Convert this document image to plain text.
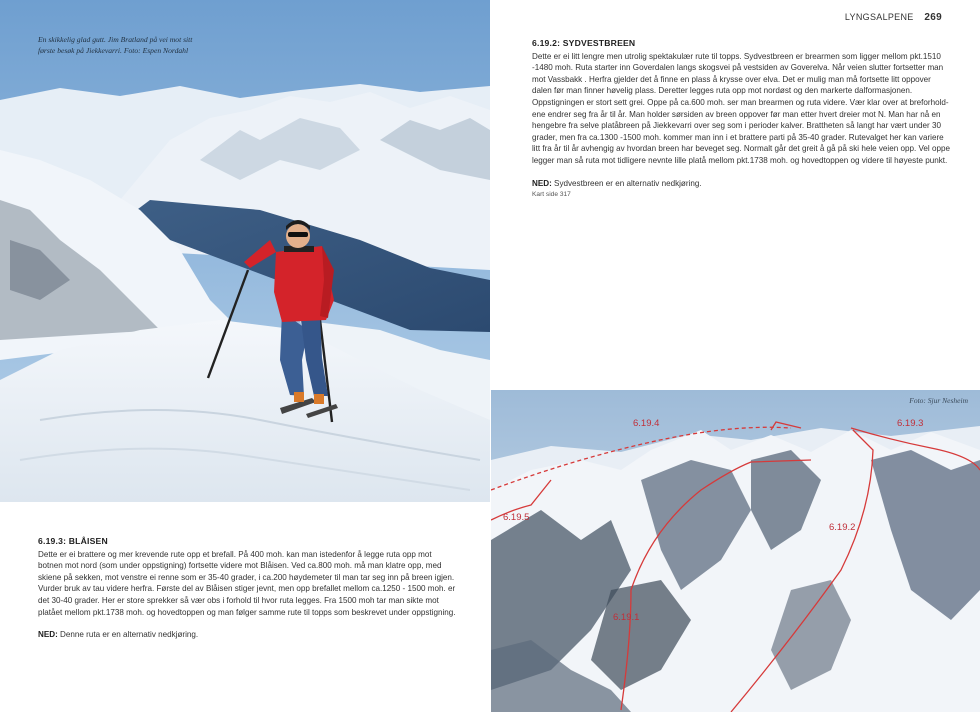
En skikkelig glad gutt. Jim Bratland på vei mot sitt første besøk på Jiekkevarri. Foto: Espen Nordahl
LYNGSALPENE 269
6.19.2: SYDVESTBREEN

Dette er ei litt lengre men utrolig spektakulær rute til topps. Sydvestbreen er brearmen som ligger mellom pkt.1510 -1480 moh. Ruta starter inn Goverdalen langs skogsvei på vestsiden av Goverelva. Når veien slutter fortsetter man mot Vassbakk . Herfra gjelder det å finne en plass å krysse over elva. Det er mulig man må fortsette litt oppover dalen før man finner høvelig plass. Deretter legges ruta opp mot nordøst og den markerte dalformasjonen. Oppstigningen er stort sett grei. Oppe på ca.600 moh. ser man brearmen og ruta videre. Vær klar over at breforhold-ene endrer seg fra år til år. Man holder sørsiden av breen oppover før man etter hvert dreier mot N. Man har nå en hengebre fra selve platåbreen på Jiekkevarri over seg som i perioder kalver. Brattheten så langt har vært under 30 grader, men fra ca.1300 -1500 moh. kommer man inn i et brattere parti på 35-40 grader. Rutevalget her kan variere litt fra år til år avhengig av hvordan breen har beveget seg. Normalt går det greit å gå på ski hele veien opp. Vel oppe legger man så ruta mot tidligere nevnte lille platå mellom pkt.1738 moh. og hovedtoppen og videre til høyeste punkt.

NED: Sydvestbreen er en alternativ nedkjøring.

Kart side 317

Foto: Sjur Nesheim
6.19.4	6.19.3
6.19.5
6.19.2
6.19.1
6.19.3: BLÅISEN

Dette er ei brattere og mer krevende rute opp et brefall. På 400 moh. kan man istedenfor å legge ruta opp mot botnen mot nord (som under oppstigning) fortsette videre mot Blåisen. Ved ca.800 moh. må man klatre opp, med skiene på sekken, mot venstre ei renne som er 35-40 grader, i ca.200 høydemeter til man tar seg inn på breen igjen. Vurder bruk av tau videre herfra. Første del av Blåisen stiger jevnt, men opp brefallet mellom ca.1250 - 1500 moh. er det 30-40 grader. Her er store sprekker så vær obs i forhold til hvor ruta legges. Fra 1500 moh tar man sikte mot platået mellom pkt.1738 moh. og hovedtoppen og man følger samme rute til topps som beskrevet under oppstigning.

NED: Denne ruta er en alternativ nedkjøring.
